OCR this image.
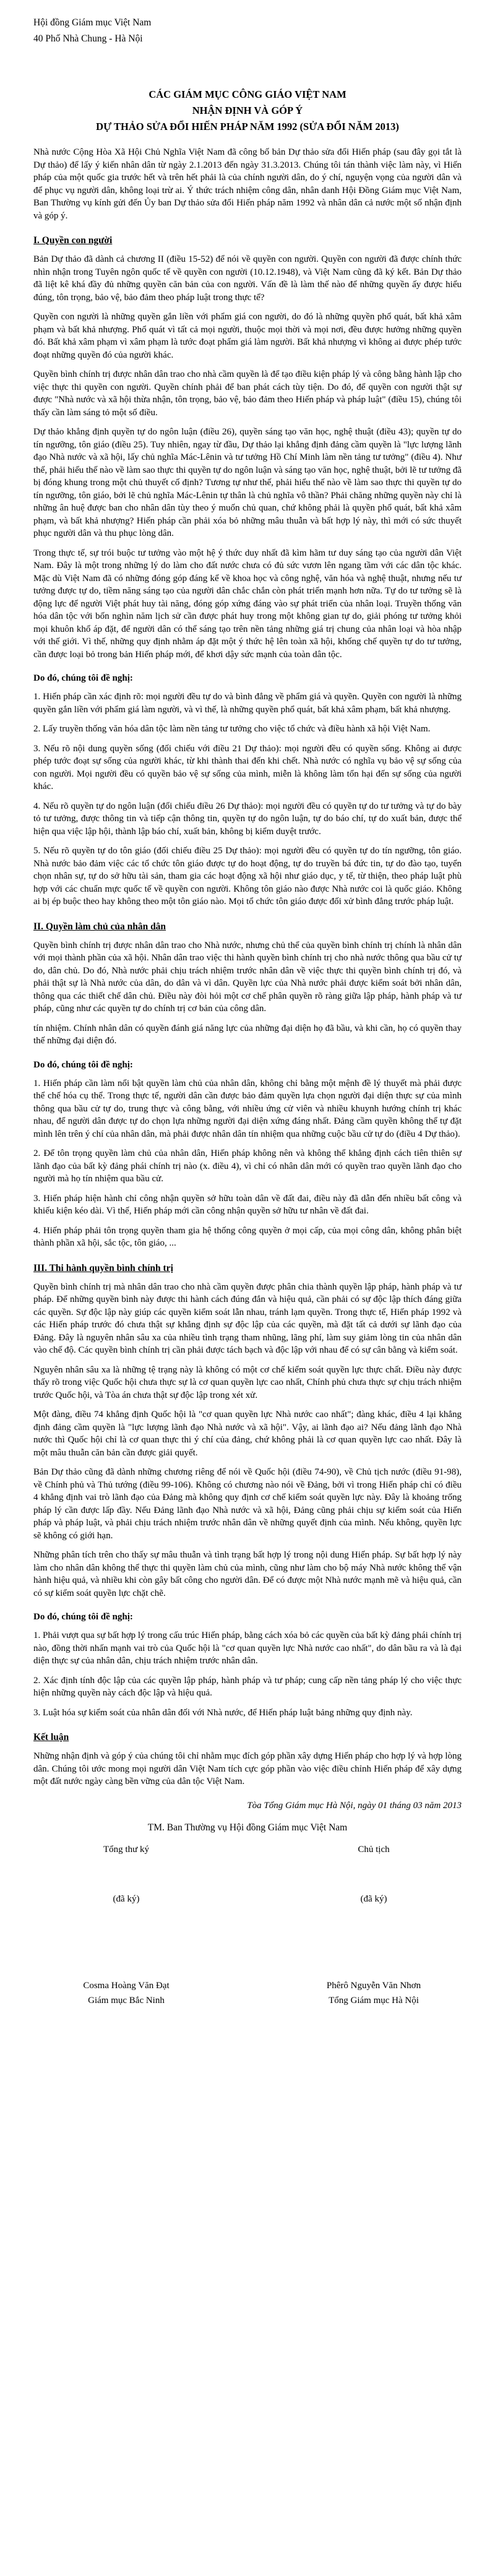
Hội đồng Giám mục Việt Nam
40 Phố Nhà Chung - Hà Nội
CÁC GIÁM MỤC CÔNG GIÁO VIỆT NAM
NHẬN ĐỊNH VÀ GÓP Ý
DỰ THẢO SỬA ĐỔI HIẾN PHÁP NĂM 1992 (SỬA ĐỔI NĂM 2013)

Nhà nước Cộng Hòa Xã Hội Chủ Nghĩa Việt Nam đã công bố bản Dự thảo sửa đổi Hiến pháp (sau đây gọi tắt là Dự thảo) để lấy ý kiến nhân dân từ ngày 2.1.2013 đến ngày 31.3.2013. Chúng tôi tán thành việc làm này, vì Hiến pháp của một quốc gia trước hết và trên hết phải là của chính người dân, do ý chí, nguyện vọng của người dân và để phục vụ người dân, không loại trừ ai. Ý thức trách nhiệm công dân, nhân danh Hội Đồng Giám mục Việt Nam, Ban Thường vụ kính gửi đến Ủy ban Dự thảo sửa đổi Hiến pháp năm 1992 và nhân dân cả nước một số nhận định và góp ý.

I. Quyền con người

Bản Dự thảo đã dành cả chương II (điều 15-52) để nói về quyền con người. Quyền con người đã được chính thức nhìn nhận trong Tuyên ngôn quốc tế về quyền con người (10.12.1948), và Việt Nam cũng đã ký kết. Bản Dự thảo đã liệt kê khá đầy đủ những quyền căn bản của con người. Vấn đề là làm thế nào để những quyền ấy được hiểu đúng, tôn trọng, bảo vệ, bảo đảm theo pháp luật trong thực tế?

Quyền con người là những quyền gắn liền với phẩm giá con người, do đó là những quyền phổ quát, bất khả xâm phạm và bất khả nhượng. Phổ quát vì tất cả mọi người, thuộc mọi thời và mọi nơi, đều được hưởng những quyền đó. Bất khả xâm phạm vì xâm phạm là tước đoạt phẩm giá làm người. Bất khả nhượng vì không ai được phép tước đoạt những quyền đó của người khác.

Quyền bình chính trị được nhân dân trao cho nhà cầm quyền là để tạo điều kiện pháp lý và công bằng hành lập cho việc thực thi quyền con người. Quyền chính phải để ban phát cách tùy tiện. Do đó, để quyền con người thật sự được "Nhà nước và xã hội thừa nhận, tôn trọng, bảo vệ, bảo đảm theo Hiến pháp và pháp luật" (điều 15), chúng tôi thấy cần làm sáng tỏ một số điều.

Dự thảo khẳng định quyền tự do ngôn luận (điều 26), quyền sáng tạo văn học, nghệ thuật (điều 43); quyền tự do tín ngưỡng, tôn giáo (điều 25). Tuy nhiên, ngay từ đầu, Dự thảo lại khẳng định đảng cầm quyền là "lực lượng lãnh đạo Nhà nước và xã hội, lấy chủ nghĩa Mác-Lênin và tư tưởng Hồ Chí Minh làm nền tảng tư tưởng" (điều 4). Như thế, phải hiểu thế nào về làm sao thực thi quyền tự do ngôn luận và sáng tạo văn học, nghệ thuật, bởi lẽ tư tưởng đã bị đóng khung trong một chủ thuyết cố định? Tương tự như thế, phải hiểu thế nào về làm sao thực thi quyền tự do tín ngưỡng, tôn giáo, bởi lẽ chủ nghĩa Mác-Lênin tự thân là chủ nghĩa vô thần? Phải chăng những quyền này chỉ là những ân huệ được ban cho nhân dân tùy theo ý muốn chủ quan, chứ không phải là quyền phổ quát, bất khả xâm phạm, và bất khả nhượng? Hiến pháp cần phải xóa bỏ những mâu thuẫn và bất hợp lý này, thì mới có sức thuyết phục người dân và thu phục lòng dân.

Trong thực tế, sự trói buộc tư tưởng vào một hệ ý thức duy nhất đã kìm hãm tư duy sáng tạo của người dân Việt Nam. Đây là một trong những lý do làm cho đất nước chưa có đủ sức vươn lên ngang tầm với các dân tộc khác. Mặc dù Việt Nam đã có những đóng góp đáng kể về khoa học và công nghệ, văn hóa và nghệ thuật, nhưng nếu tư tưởng được tự do, tiềm năng sáng tạo của người dân chắc chắn còn phát triển mạnh hơn nữa. Tự do tư tưởng sẽ là động lực để người Việt phát huy tài năng, đóng góp xứng đáng vào sự phát triển của nhân loại. Truyền thống văn hóa dân tộc với bốn nghìn năm lịch sử cần được phát huy trong một không gian tự do, giải phóng tư tưởng khỏi mọi khuôn khổ áp đặt, để người dân có thể sáng tạo trên nền tảng những giá trị chung của nhân loại và hòa nhập với thế giới. Vì thế, những quy định nhằm áp đặt một ý thức hệ lên toàn xã hội, khống chế quyền tự do tư tưởng, cần được loại bỏ trong bản Hiến pháp mới, để khơi dậy sức mạnh của toàn dân tộc.

Do đó, chúng tôi đề nghị:

1. Hiến pháp cần xác định rõ: mọi người đều tự do và bình đẳng về phẩm giá và quyền. Quyền con người là những quyền gắn liền với phẩm giá làm người, và vì thế, là những quyền phổ quát, bất khả xâm phạm, bất khả nhượng.

2. Lấy truyền thống văn hóa dân tộc làm nền tảng tư tưởng cho việc tổ chức và điều hành xã hội Việt Nam.

3. Nếu rõ nội dung quyền sống (đối chiếu với điều 21 Dự thảo): mọi người đều có quyền sống. Không ai được phép tước đoạt sự sống của người khác, từ khi thành thai đến khi chết. Nhà nước có nghĩa vụ bảo vệ sự sống của con người. Mọi người đều có quyền bảo vệ sự sống của mình, miễn là không làm tổn hại đến sự sống của người khác.

4. Nếu rõ quyền tự do ngôn luận (đối chiếu điều 26 Dự thảo): mọi người đều có quyền tự do tư tưởng và tự do bày tỏ tư tưởng, được thông tin và tiếp cận thông tin, quyền tự do ngôn luận, tự do báo chí, tự do xuất bản, được thể hiện qua việc lập hội, thành lập báo chí, xuất bản, không bị kiểm duyệt trước.

5. Nếu rõ quyền tự do tôn giáo (đối chiếu điều 25 Dự thảo): mọi người đều có quyền tự do tín ngưỡng, tôn giáo. Nhà nước bảo đảm việc các tổ chức tôn giáo được tự do hoạt động, tự do truyền bá đức tin, tự do đào tạo, tuyển chọn nhân sự, tự do sở hữu tài sản, tham gia các hoạt động xã hội như giáo dục, y tế, từ thiện, theo pháp luật phù hợp với các chuẩn mực quốc tế về quyền con người. Không tôn giáo nào được Nhà nước coi là quốc giáo. Không ai bị ép buộc theo hay không theo một tôn giáo nào. Mọi tổ chức tôn giáo được đối xử bình đẳng trước pháp luật.

II. Quyền làm chủ của nhân dân

Quyền bình chính trị được nhân dân trao cho Nhà nước, nhưng chủ thể của quyền bình chính trị chính là nhân dân với mọi thành phần của xã hội. Nhân dân trao việc thi hành quyền bình chính trị cho nhà nước thông qua bầu cử tự do, dân chủ. Do đó, Nhà nước phải chịu trách nhiệm trước nhân dân về việc thực thi quyền bình chính trị đó, và phải thật sự là Nhà nước của dân, do dân và vì dân. Quyền lực của Nhà nước phải được kiểm soát bởi nhân dân, thông qua các thiết chế dân chủ. Điều này đòi hỏi một cơ chế phân quyền rõ ràng giữa lập pháp, hành pháp và tư pháp, cũng như các quyền tự do chính trị cơ bản của công dân.

tín nhiệm. Chính nhân dân có quyền đánh giá năng lực của những đại diện họ đã bầu, và khi cần, họ có quyền thay thế những đại diện đó.

Do đó, chúng tôi đề nghị:

1. Hiến pháp cần làm nổi bật quyền làm chủ của nhân dân, không chỉ bằng một mệnh đề lý thuyết mà phải được thể chế hóa cụ thể. Trong thực tế, người dân cần được bảo đảm quyền lựa chọn người đại diện thực sự của mình thông qua bầu cử tự do, trung thực và công bằng, với nhiều ứng cử viên và nhiều khuynh hướng chính trị khác nhau, để người dân được tự do chọn lựa những người đại diện xứng đáng nhất. Đảng cầm quyền không thể tự đặt mình lên trên ý chí của nhân dân, mà phải được nhân dân tín nhiệm qua những cuộc bầu cử tự do (điều 4 Dự thảo).

2. Để tôn trọng quyền làm chủ của nhân dân, Hiến pháp không nên và không thể khẳng định cách tiên thiên sự lãnh đạo của bất kỳ đảng phái chính trị nào (x. điều 4), vì chỉ có nhân dân mới có quyền trao quyền lãnh đạo cho người mà họ tín nhiệm qua bầu cử.

3. Hiến pháp hiện hành chỉ công nhận quyền sở hữu toàn dân về đất đai, điều này đã dẫn đến nhiều bất công và khiếu kiện kéo dài. Vì thế, Hiến pháp mới cần công nhận quyền sở hữu tư nhân về đất đai.

4. Hiến pháp phải tôn trọng quyền tham gia hệ thống công quyền ở mọi cấp, của mọi công dân, không phân biệt thành phần xã hội, sắc tộc, tôn giáo, ...

III. Thi hành quyền bình chính trị

Quyền bình chính trị mà nhân dân trao cho nhà cầm quyền được phân chia thành quyền lập pháp, hành pháp và tư pháp. Để những quyền bình này được thi hành cách đúng đắn và hiệu quả, cần phải có sự độc lập thích đáng giữa các quyền. Sự độc lập này giúp các quyền kiểm soát lẫn nhau, tránh lạm quyền. Trong thực tế, Hiến pháp 1992 và các Hiến pháp trước đó chưa thật sự khẳng định sự độc lập của các quyền, mà đặt tất cả dưới sự lãnh đạo của Đảng. Đây là nguyên nhân sâu xa của nhiều tình trạng tham nhũng, lãng phí, làm suy giảm lòng tin của nhân dân vào chế độ. Các quyền bình chính trị cần phải được tách bạch và độc lập với nhau để có sự cân bằng và kiểm soát.

Nguyên nhân sâu xa là những tệ trạng này là không có một cơ chế kiểm soát quyền lực thực chất. Điều này được thấy rõ trong việc Quốc hội chưa thực sự là cơ quan quyền lực cao nhất, Chính phủ chưa thực sự chịu trách nhiệm trước Quốc hội, và Tòa án chưa thật sự độc lập trong xét xử.

Một đàng, điều 74 khẳng định Quốc hội là "cơ quan quyền lực Nhà nước cao nhất"; đàng khác, điều 4 lại khẳng định đảng cầm quyền là "lực lượng lãnh đạo Nhà nước và xã hội". Vậy, ai lãnh đạo ai? Nếu đảng lãnh đạo Nhà nước thì Quốc hội chỉ là cơ quan thực thi ý chí của đảng, chứ không phải là cơ quan quyền lực cao nhất. Đây là một mâu thuẫn căn bản cần được giải quyết.

Bản Dự thảo cũng đã dành những chương riêng để nói về Quốc hội (điều 74-90), về Chủ tịch nước (điều 91-98), về Chính phủ và Thủ tướng (điều 99-106). Không có chương nào nói về Đảng, bởi vì trong Hiến pháp chỉ có điều 4 khẳng định vai trò lãnh đạo của Đảng mà không quy định cơ chế kiểm soát quyền lực này. Đây là khoảng trống pháp lý cần được lấp đầy. Nếu Đảng lãnh đạo Nhà nước và xã hội, Đảng cũng phải chịu sự kiểm soát của Hiến pháp và pháp luật, và phải chịu trách nhiệm trước nhân dân về những quyết định của mình. Nếu không, quyền lực sẽ không có giới hạn.

Những phân tích trên cho thấy sự mâu thuẫn và tình trạng bất hợp lý trong nội dung Hiến pháp. Sự bất hợp lý này làm cho nhân dân không thể thực thi quyền làm chủ của mình, cũng như làm cho bộ máy Nhà nước không thể vận hành hiệu quả, và nhiều khi còn gây bất công cho người dân. Để có được một Nhà nước mạnh mẽ và hiệu quả, cần có sự kiểm soát quyền lực chặt chẽ.

Do đó, chúng tôi đề nghị:

1. Phải vượt qua sự bất hợp lý trong cấu trúc Hiến pháp, bằng cách xóa bỏ các quyền của bất kỳ đảng phái chính trị nào, đồng thời nhấn mạnh vai trò của Quốc hội là "cơ quan quyền lực Nhà nước cao nhất", do dân bầu ra và là đại diện thực sự của nhân dân, chịu trách nhiệm trước nhân dân.

2. Xác định tính độc lập của các quyền lập pháp, hành pháp và tư pháp; cung cấp nền tảng pháp lý cho việc thực hiện những quyền này cách độc lập và hiệu quả.

3. Luật hóa sự kiểm soát của nhân dân đối với Nhà nước, để Hiến pháp luật bảng những quy định này.

Kết luận

Những nhận định và góp ý của chúng tôi chỉ nhằm mục đích góp phần xây dựng Hiến pháp cho hợp lý và hợp lòng dân. Chúng tôi ước mong mọi người dân Việt Nam tích cực góp phần vào việc điều chỉnh Hiến pháp để xây dựng một đất nước ngày càng bền vững của dân tộc Việt Nam.

Tòa Tổng Giám mục Hà Nội, ngày 01 tháng 03 năm 2013
TM. Ban Thường vụ Hội đồng Giám mục Việt Nam
Tổng thư ký	Chủ tịch
(đã ký)	(đã ký)
Cosma Hoàng Văn Đạt	Phêrô Nguyễn Văn Nhơn
Giám mục Bắc Ninh	Tổng Giám mục Hà Nội
